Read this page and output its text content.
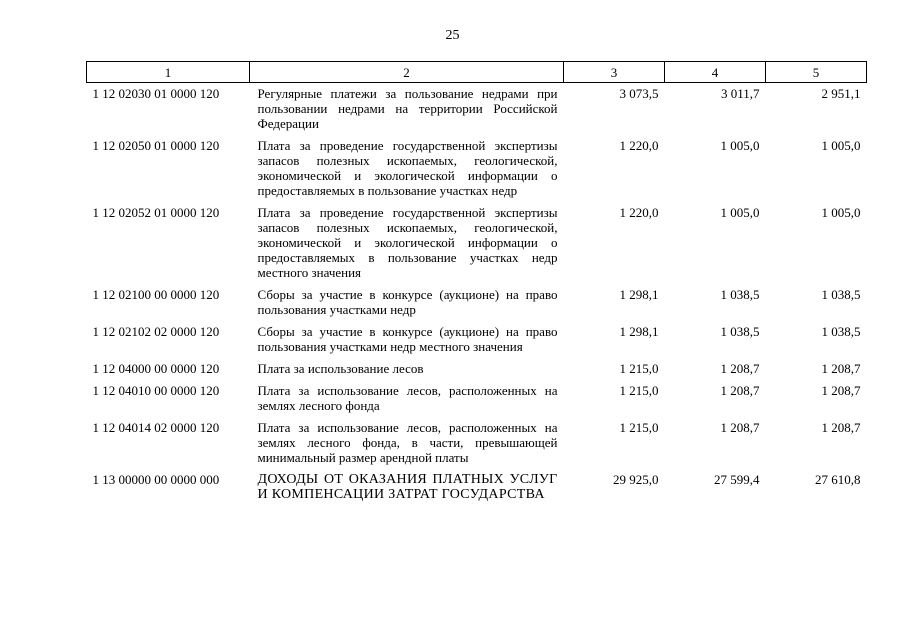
25
1	2	3	4	5
1 12 02030 01 0000 120	Регулярные платежи за пользование недрами при пользовании недрами на территории Российской Федерации	3 073,5	3 011,7	2 951,1
1 12 02050 01 0000 120	Плата за проведение государственной экспертизы запасов полезных ископаемых, геологической, экономической и экологической информации о предоставляемых в пользование участках недр	1 220,0	1 005,0	1 005,0
1 12 02052 01 0000 120	Плата за проведение государственной экспертизы запасов полезных ископаемых, геологической, экономической и экологической информации о предоставляемых в пользование участках недр местного значения	1 220,0	1 005,0	1 005,0
1 12 02100 00 0000 120	Сборы за участие в конкурсе (аукционе) на право пользования участками недр	1 298,1	1 038,5	1 038,5
1 12 02102 02 0000 120	Сборы за участие в конкурсе (аукционе) на право пользования участками недр местного значения	1 298,1	1 038,5	1 038,5
1 12 04000 00 0000 120	Плата за использование лесов	1 215,0	1 208,7	1 208,7
1 12 04010 00 0000 120	Плата за использование лесов, расположенных на землях лесного фонда	1 215,0	1 208,7	1 208,7
1 12 04014 02 0000 120	Плата за использование лесов, расположенных на землях лесного фонда, в части, превышающей минимальный размер арендной платы	1 215,0	1 208,7	1 208,7
1 13 00000 00 0000 000	ДОХОДЫ ОТ ОКАЗАНИЯ ПЛАТНЫХ УСЛУГ И КОМПЕНСАЦИИ ЗАТРАТ ГОСУДАРСТВА	29 925,0	27 599,4	27 610,8
